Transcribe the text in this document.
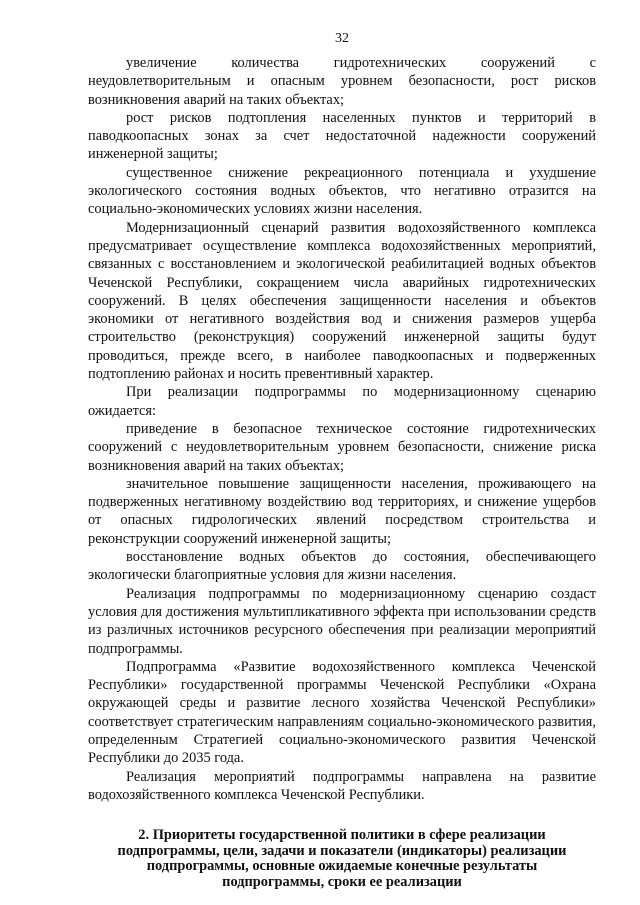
32

увеличение количества гидротехнических сооружений с неудовлетворительным и опасным уровнем безопасности, рост рисков возникновения аварий на таких объектах;

рост рисков подтопления населенных пунктов и территорий в паводкоопасных зонах за счет недостаточной надежности сооружений инженерной защиты;

существенное снижение рекреационного потенциала и ухудшение экологического состояния водных объектов, что негативно отразится на социально-экономических условиях жизни населения.

Модернизационный сценарий развития водохозяйственного комплекса предусматривает осуществление комплекса водохозяйственных мероприятий, связанных с восстановлением и экологической реабилитацией водных объектов Чеченской Республики, сокращением числа аварийных гидротехнических сооружений. В целях обеспечения защищенности населения и объектов экономики от негативного воздействия вод и снижения размеров ущерба строительство (реконструкция) сооружений инженерной защиты будут проводиться, прежде всего, в наиболее паводкоопасных и подверженных подтоплению районах и носить превентивный характер.

При реализации подпрограммы по модернизационному сценарию ожидается:

приведение в безопасное техническое состояние гидротехнических сооружений с неудовлетворительным уровнем безопасности, снижение риска возникновения аварий на таких объектах;

значительное повышение защищенности населения, проживающего на подверженных негативному воздействию вод территориях, и снижение ущербов от опасных гидрологических явлений посредством строительства и реконструкции сооружений инженерной защиты;

восстановление водных объектов до состояния, обеспечивающего экологически благоприятные условия для жизни населения.

Реализация подпрограммы по модернизационному сценарию создаст условия для достижения мультипликативного эффекта при использовании средств из различных источников ресурсного обеспечения при реализации мероприятий подпрограммы.

Подпрограмма «Развитие водохозяйственного комплекса Чеченской Республики» государственной программы Чеченской Республики «Охрана окружающей среды и развитие лесного хозяйства Чеченской Республики» соответствует стратегическим направлениям социально-экономического развития, определенным Стратегией социально-экономического развития Чеченской Республики до 2035 года.

Реализация мероприятий подпрограммы направлена на развитие водохозяйственного комплекса Чеченской Республики.

2. Приоритеты государственной политики в сфере реализации подпрограммы, цели, задачи и показатели (индикаторы) реализации подпрограммы, основные ожидаемые конечные результаты подпрограммы, сроки ее реализации
